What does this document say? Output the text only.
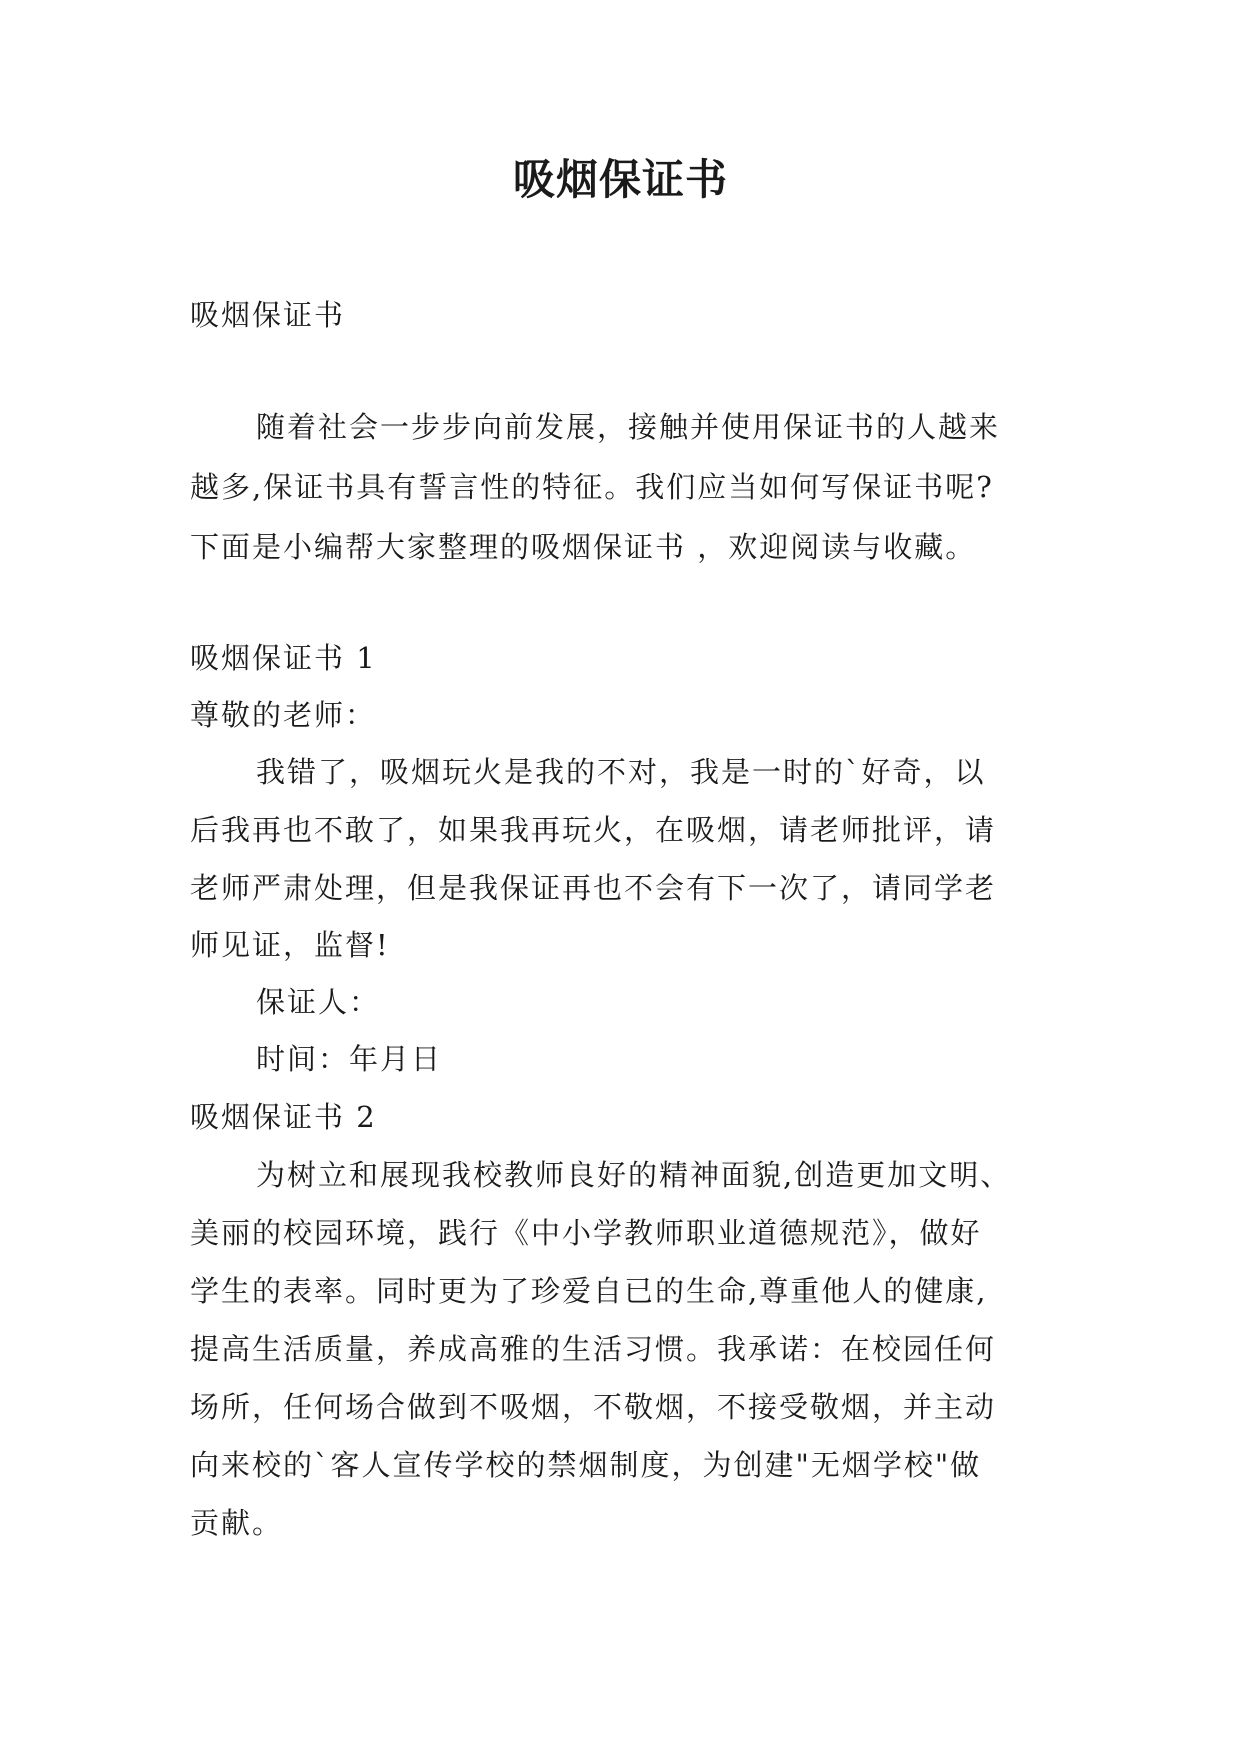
吸烟保证书
吸烟保证书
随着社会一步步向前发展，接触并使用保证书的人越来
越多,保证书具有誓言性的特征。我们应当如何写保证书呢?
下面是小编帮大家整理的吸烟保证书 ，欢迎阅读与收藏。
吸烟保证书 1
尊敬的老师：
我错了，吸烟玩火是我的不对，我是一时的`好奇，以
后我再也不敢了，如果我再玩火，在吸烟，请老师批评，请
老师严肃处理，但是我保证再也不会有下一次了，请同学老
师见证，监督!
保证人：
时间：年月日
吸烟保证书 2
为树立和展现我校教师良好的精神面貌,创造更加文明、
美丽的校园环境，践行《中小学教师职业道德规范》，做好
学生的表率。同时更为了珍爱自已的生命,尊重他人的健康,
提高生活质量，养成高雅的生活习惯。我承诺：在校园任何
场所，任何场合做到不吸烟，不敬烟，不接受敬烟，并主动
向来校的`客人宣传学校的禁烟制度，为创建"无烟学校"做
贡献。
